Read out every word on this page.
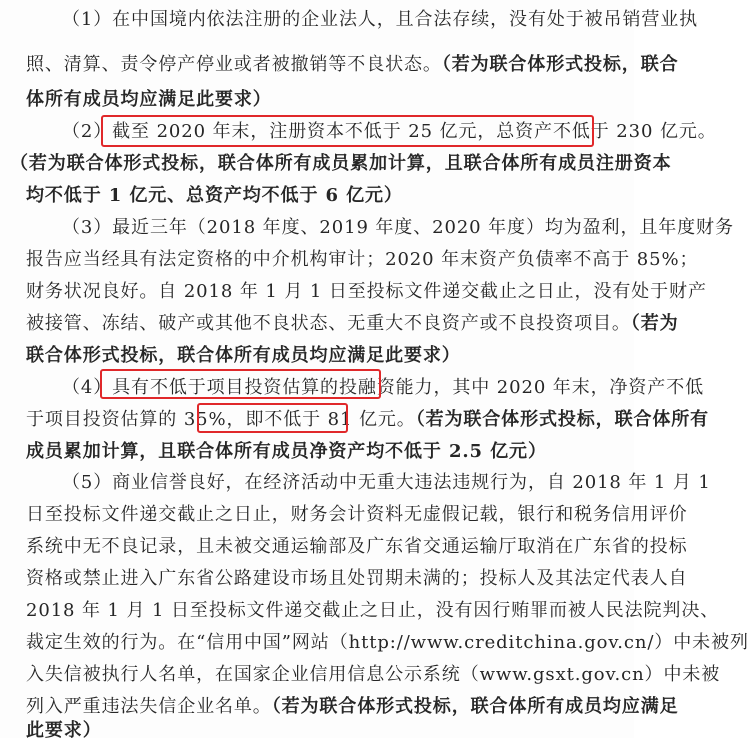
（1）在中国境内依法注册的企业法人，且合法存续，没有处于被吊销营业执
照、清算、责令停产停业或者被撤销等不良状态。（若为联合体形式投标，联合
体所有成员均应满足此要求）
（2）截至 2020 年末，注册资本不低于 25 亿元，总资产不低于 230 亿元。
（若为联合体形式投标，联合体所有成员累加计算，且联合体所有成员注册资本
均不低于 1 亿元、总资产均不低于 6 亿元）
（3）最近三年（2018 年度、2019 年度、2020 年度）均为盈利，且年度财务
报告应当经具有法定资格的中介机构审计；2020 年末资产负债率不高于 85%；
财务状况良好。自 2018 年 1 月 1 日至投标文件递交截止之日止，没有处于财产
被接管、冻结、破产或其他不良状态、无重大不良资产或不良投资项目。（若为
联合体形式投标，联合体所有成员均应满足此要求）
（4）具有不低于项目投资估算的投融资能力，其中 2020 年末，净资产不低
于项目投资估算的 35%，即不低于 81 亿元。（若为联合体形式投标，联合体所有
成员累加计算，且联合体所有成员净资产均不低于 2.5 亿元）
（5）商业信誉良好，在经济活动中无重大违法违规行为，自 2018 年 1 月 1
日至投标文件递交截止之日止，财务会计资料无虚假记载，银行和税务信用评价
系统中无不良记录，且未被交通运输部及广东省交通运输厅取消在广东省的投标
资格或禁止进入广东省公路建设市场且处罚期未满的；投标人及其法定代表人自
2018 年 1 月 1 日至投标文件递交截止之日止，没有因行贿罪而被人民法院判决、
裁定生效的行为。在“信用中国”网站（http://www.creditchina.gov.cn/）中未被列
入失信被执行人名单，在国家企业信用信息公示系统（www.gsxt.gov.cn）中未被
列入严重违法失信企业名单。（若为联合体形式投标，联合体所有成员均应满足
此要求）
